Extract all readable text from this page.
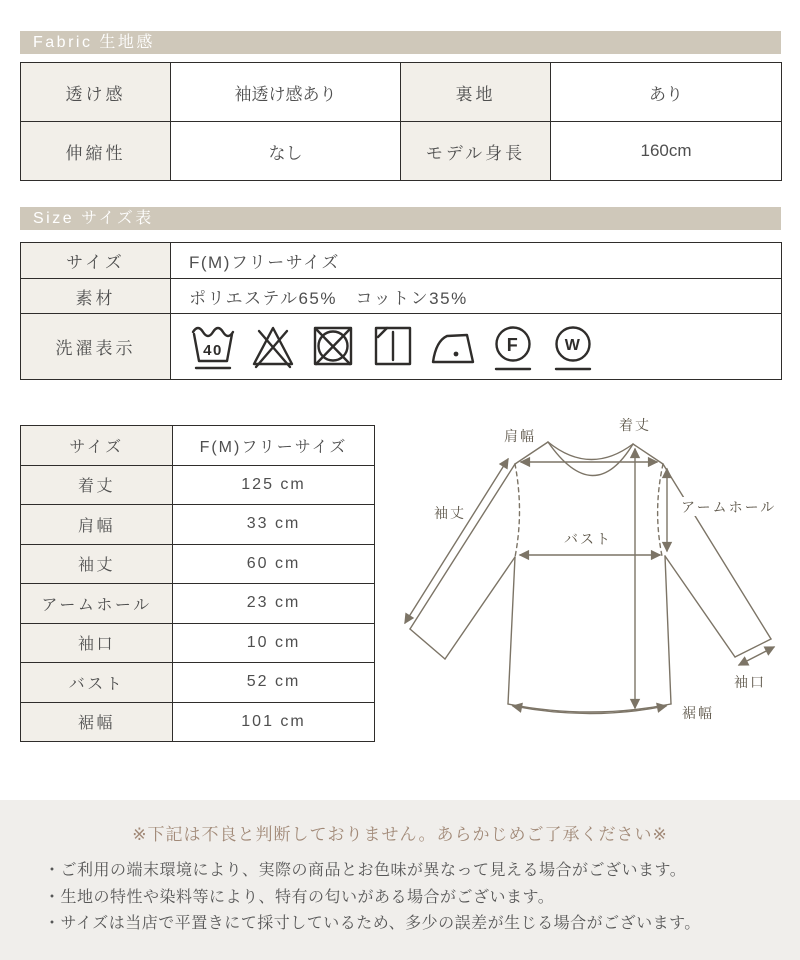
Fabric 生地感
透け感	袖透け感あり	裏地	あり
伸縮性	なし	モデル身長	160cm
Size サイズ表
サイズ	F(M)フリーサイズ
素材	ポリエステル65%　コットン35%
洗濯表示	40 F W
サイズ	F(M)フリーサイズ
着丈	125 cm
肩幅	33 cm
袖丈	60 cm
アームホール	23 cm
袖口	10 cm
バスト	52 cm
裾幅	101 cm
着丈
肩幅
袖丈	アームホール
バスト
袖口
裾幅
※下記は不良と判断しておりません。あらかじめご了承ください※
・ご利用の端末環境により、実際の商品とお色味が異なって見える場合がございます。
・生地の特性や染料等により、特有の匂いがある場合がございます。
・サイズは当店で平置きにて採寸しているため、多少の誤差が生じる場合がございます。
